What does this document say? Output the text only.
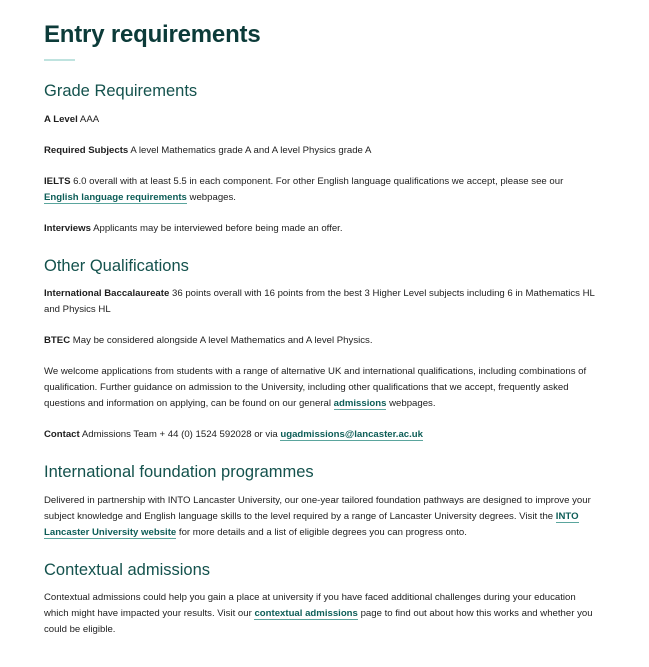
Entry requirements
Grade Requirements

A Level AAA

Required Subjects A level Mathematics grade A and A level Physics grade A

IELTS 6.0 overall with at least 5.5 in each component. For other English language qualifications we accept, please see our English language requirements webpages.

Interviews Applicants may be interviewed before being made an offer.

Other Qualifications

International Baccalaureate 36 points overall with 16 points from the best 3 Higher Level subjects including 6 in Mathematics HL and Physics HL

BTEC May be considered alongside A level Mathematics and A level Physics.

We welcome applications from students with a range of alternative UK and international qualifications, including combinations of qualification. Further guidance on admission to the University, including other qualifications that we accept, frequently asked questions and information on applying, can be found on our general admissions webpages.

Contact Admissions Team + 44 (0) 1524 592028 or via ugadmissions@lancaster.ac.uk

International foundation programmes

Delivered in partnership with INTO Lancaster University, our one-year tailored foundation pathways are designed to improve your subject knowledge and English language skills to the level required by a range of Lancaster University degrees. Visit the INTO Lancaster University website for more details and a list of eligible degrees you can progress onto.

Contextual admissions

Contextual admissions could help you gain a place at university if you have faced additional challenges during your education which might have impacted your results. Visit our contextual admissions page to find out about how this works and whether you could be eligible.
